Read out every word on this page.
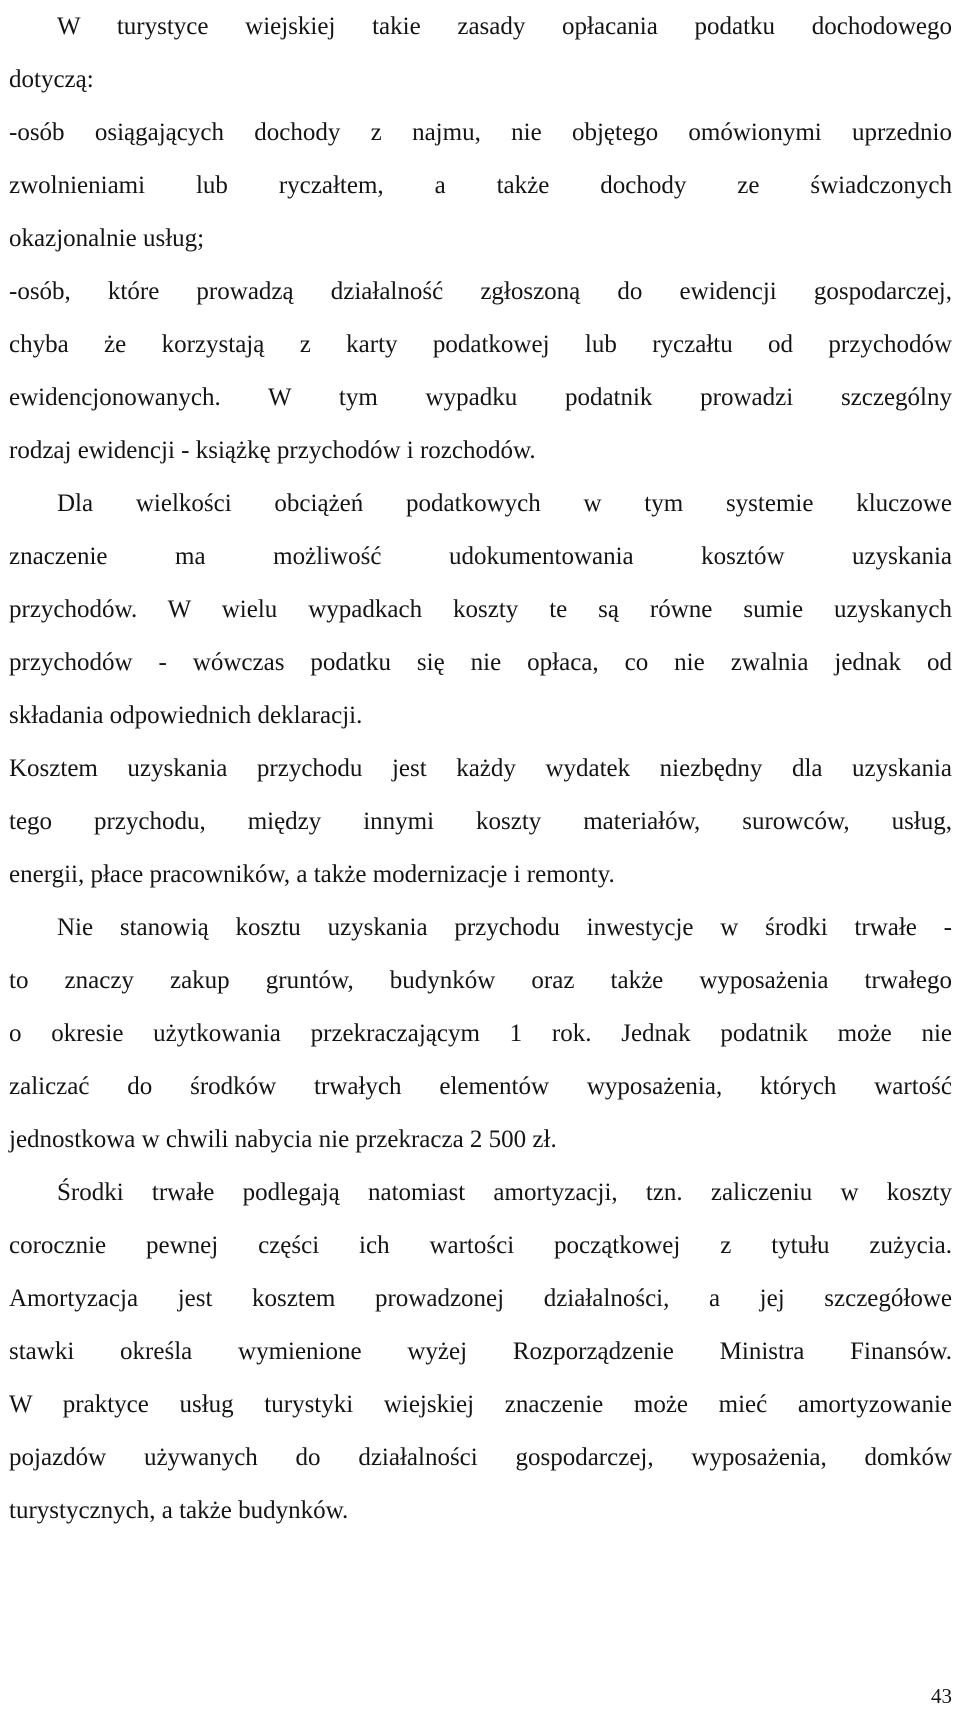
W turystyce wiejskiej takie zasady opłacania podatku dochodowego
dotyczą:
-osób osiągających dochody z najmu, nie objętego omówionymi uprzednio
zwolnieniami lub ryczałtem, a także dochody ze świadczonych
okazjonalnie usług;
-osób, które prowadzą działalność zgłoszoną do ewidencji gospodarczej,
chyba że korzystają z karty podatkowej lub ryczałtu od przychodów
ewidencjonowanych. W tym wypadku podatnik prowadzi szczególny
rodzaj ewidencji - książkę przychodów i rozchodów.
Dla wielkości obciążeń podatkowych w tym systemie kluczowe
znaczenie ma możliwość udokumentowania kosztów uzyskania
przychodów. W wielu wypadkach koszty te są równe sumie uzyskanych
przychodów - wówczas podatku się nie opłaca, co nie zwalnia jednak od
składania odpowiednich deklaracji.
Kosztem uzyskania przychodu jest każdy wydatek niezbędny dla uzyskania
tego przychodu, między innymi koszty materiałów, surowców, usług,
energii, płace pracowników, a także modernizacje i remonty.
Nie stanowią kosztu uzyskania przychodu inwestycje w środki trwałe -
to znaczy zakup gruntów, budynków oraz także wyposażenia trwałego
o okresie użytkowania przekraczającym 1 rok. Jednak podatnik może nie
zaliczać do środków trwałych elementów wyposażenia, których wartość
jednostkowa w chwili nabycia nie przekracza 2 500 zł.
Środki trwałe podlegają natomiast amortyzacji, tzn. zaliczeniu w koszty
corocznie pewnej części ich wartości początkowej z tytułu zużycia.
Amortyzacja jest kosztem prowadzonej działalności, a jej szczegółowe
stawki określa wymienione wyżej Rozporządzenie Ministra Finansów.
W praktyce usług turystyki wiejskiej znaczenie może mieć amortyzowanie
pojazdów używanych do działalności gospodarczej, wyposażenia, domków
turystycznych, a także budynków.
43
